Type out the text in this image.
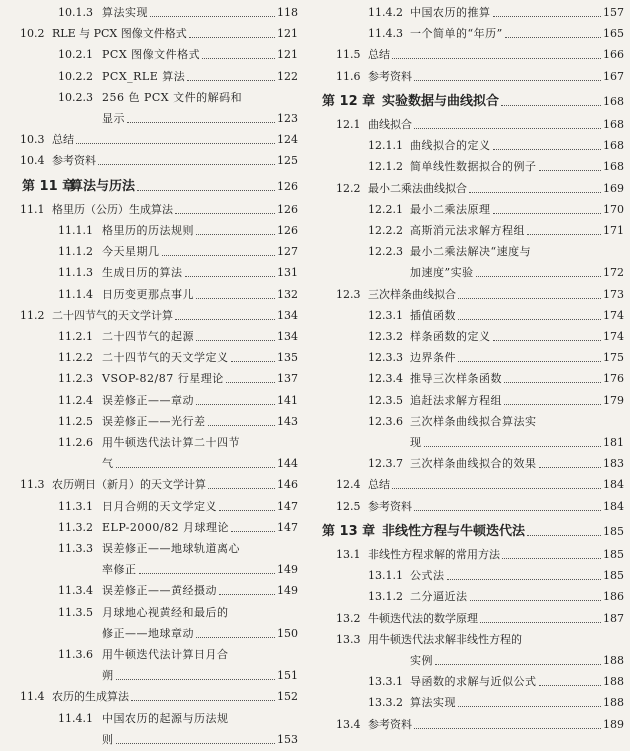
10.1.3 算法实现	118
10.2 RLE 与 PCX 图像文件格式	121
10.2.1 PCX 图像文件格式	121
10.2.2 PCX_RLE 算法	122
10.2.3 256 色 PCX 文件的解码和
显示	123
10.3 总结	124
10.4 参考资料	125
第 11 章
算法与历法	126
11.1 格里历（公历）生成算法	126
11.1.1 格里历的历法规则	126
11.1.2 今天星期几	127
11.1.3 生成日历的算法	131
11.1.4 日历变更那点事儿	132
11.2 二十四节气的天文学计算	134
11.2.1 二十四节气的起源	134
11.2.2 二十四节气的天文学定义	135
11.2.3 VSOP-82/87 行星理论	137
11.2.4 误差修正——章动	141
11.2.5 误差修正——光行差	143
11.2.6 用牛顿迭代法计算二十四节
气	144
11.3 农历朔日（新月）的天文学计算	146
11.3.1 日月合朔的天文学定义	147
11.3.2 ELP-2000/82 月球理论	147
11.3.3 误差修正——地球轨道离心
率修正	149
11.3.4 误差修正——黄经摄动	149
11.3.5 月球地心视黄经和最后的
修正——地球章动	150
11.3.6 用牛顿迭代法计算日月合
朔	151
11.4 农历的生成算法	152
11.4.1 中国农历的起源与历法规
则	153
11.4.2 中国农历的推算	157
11.4.3 一个简单的“年历”	165
11.5 总结	166
11.6 参考资料	167
第 12 章 实验数据与曲线拟合	168
12.1 曲线拟合	168
12.1.1 曲线拟合的定义	168
12.1.2 简单线性数据拟合的例子	168
12.2 最小二乘法曲线拟合	169
12.2.1 最小二乘法原理	170
12.2.2 高斯消元法求解方程组	171
12.2.3 最小二乘法解决“速度与
加速度”实验	172
12.3 三次样条曲线拟合	173
12.3.1 插值函数	174
12.3.2 样条函数的定义	174
12.3.3 边界条件	175
12.3.4 推导三次样条函数	176
12.3.5 追赶法求解方程组	179
12.3.6 三次样条曲线拟合算法实
现	181
12.3.7 三次样条曲线拟合的效果	183
12.4 总结	184
12.5 参考资料	184
第 13 章 非线性方程与牛顿迭代法	185
13.1 非线性方程求解的常用方法	185
13.1.1 公式法	185
13.1.2 二分逼近法	186
13.2 牛顿迭代法的数学原理	187
13.3 用牛顿迭代法求解非线性方程的
实例	188
13.3.1 导函数的求解与近似公式	188
13.3.2 算法实现	188
13.4 参考资料	189
